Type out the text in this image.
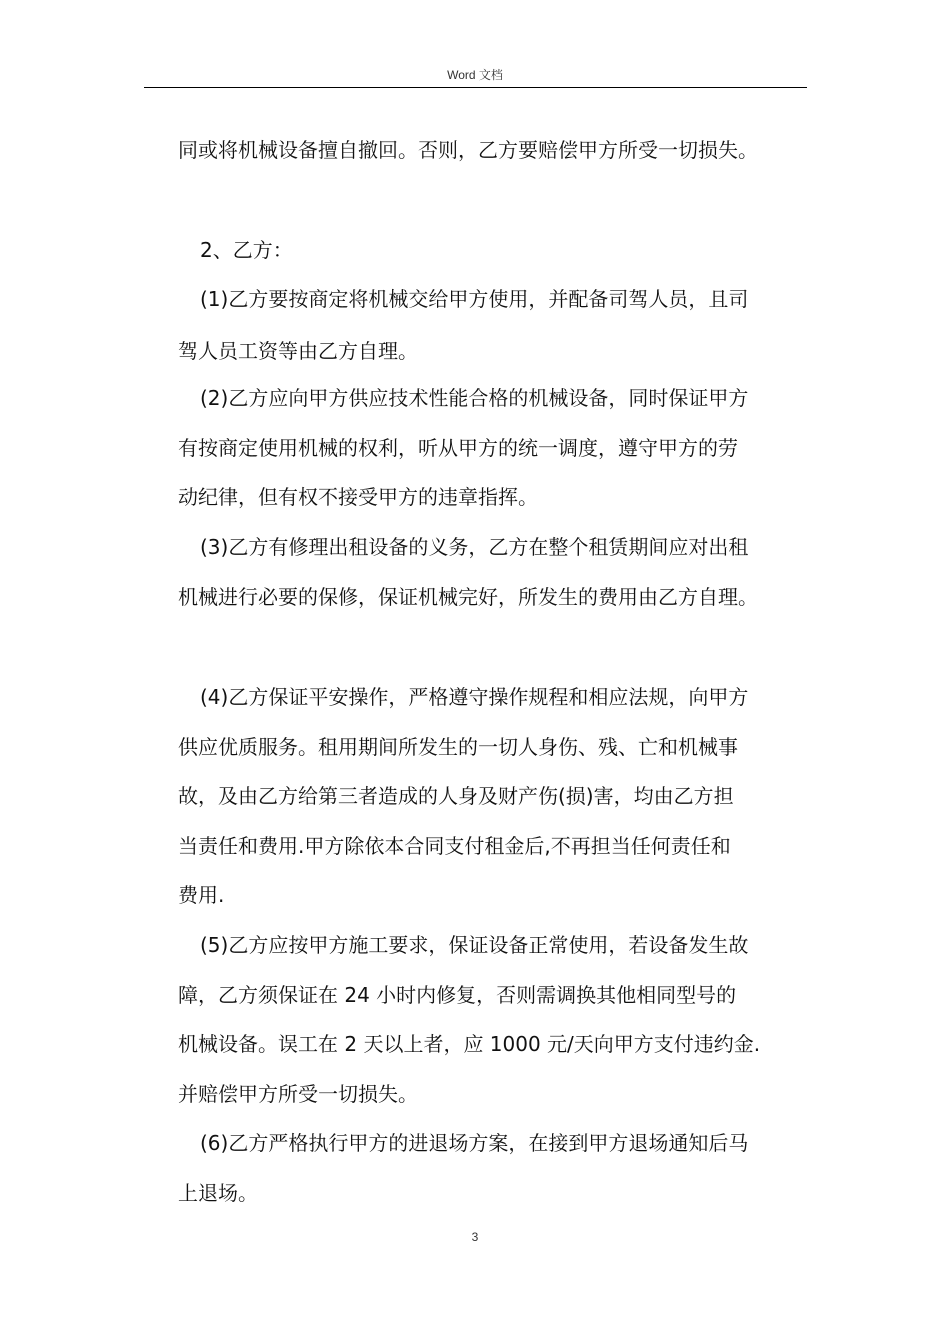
Word 文档
同或将机械设备擅自撤回。否则，乙方要赔偿甲方所受一切损失。
2、乙方：
(1)乙方要按商定将机械交给甲方使用，并配备司驾人员，且司
驾人员工资等由乙方自理。
(2)乙方应向甲方供应技术性能合格的机械设备，同时保证甲方
有按商定使用机械的权利，听从甲方的统一调度，遵守甲方的劳
动纪律，但有权不接受甲方的违章指挥。
(3)乙方有修理出租设备的义务，乙方在整个租赁期间应对出租
机械进行必要的保修，保证机械完好，所发生的费用由乙方自理。
(4)乙方保证平安操作，严格遵守操作规程和相应法规，向甲方
供应优质服务。租用期间所发生的一切人身伤、残、亡和机械事
故，及由乙方给第三者造成的人身及财产伤(损)害，均由乙方担
当责任和费用.甲方除依本合同支付租金后,不再担当任何责任和
费用.
(5)乙方应按甲方施工要求，保证设备正常使用，若设备发生故
障，乙方须保证在 24 小时内修复，否则需调换其他相同型号的
机械设备。误工在 2 天以上者，应 1000 元/天向甲方支付违约金.
并赔偿甲方所受一切损失。
(6)乙方严格执行甲方的进退场方案，在接到甲方退场通知后马
上退场。
3
